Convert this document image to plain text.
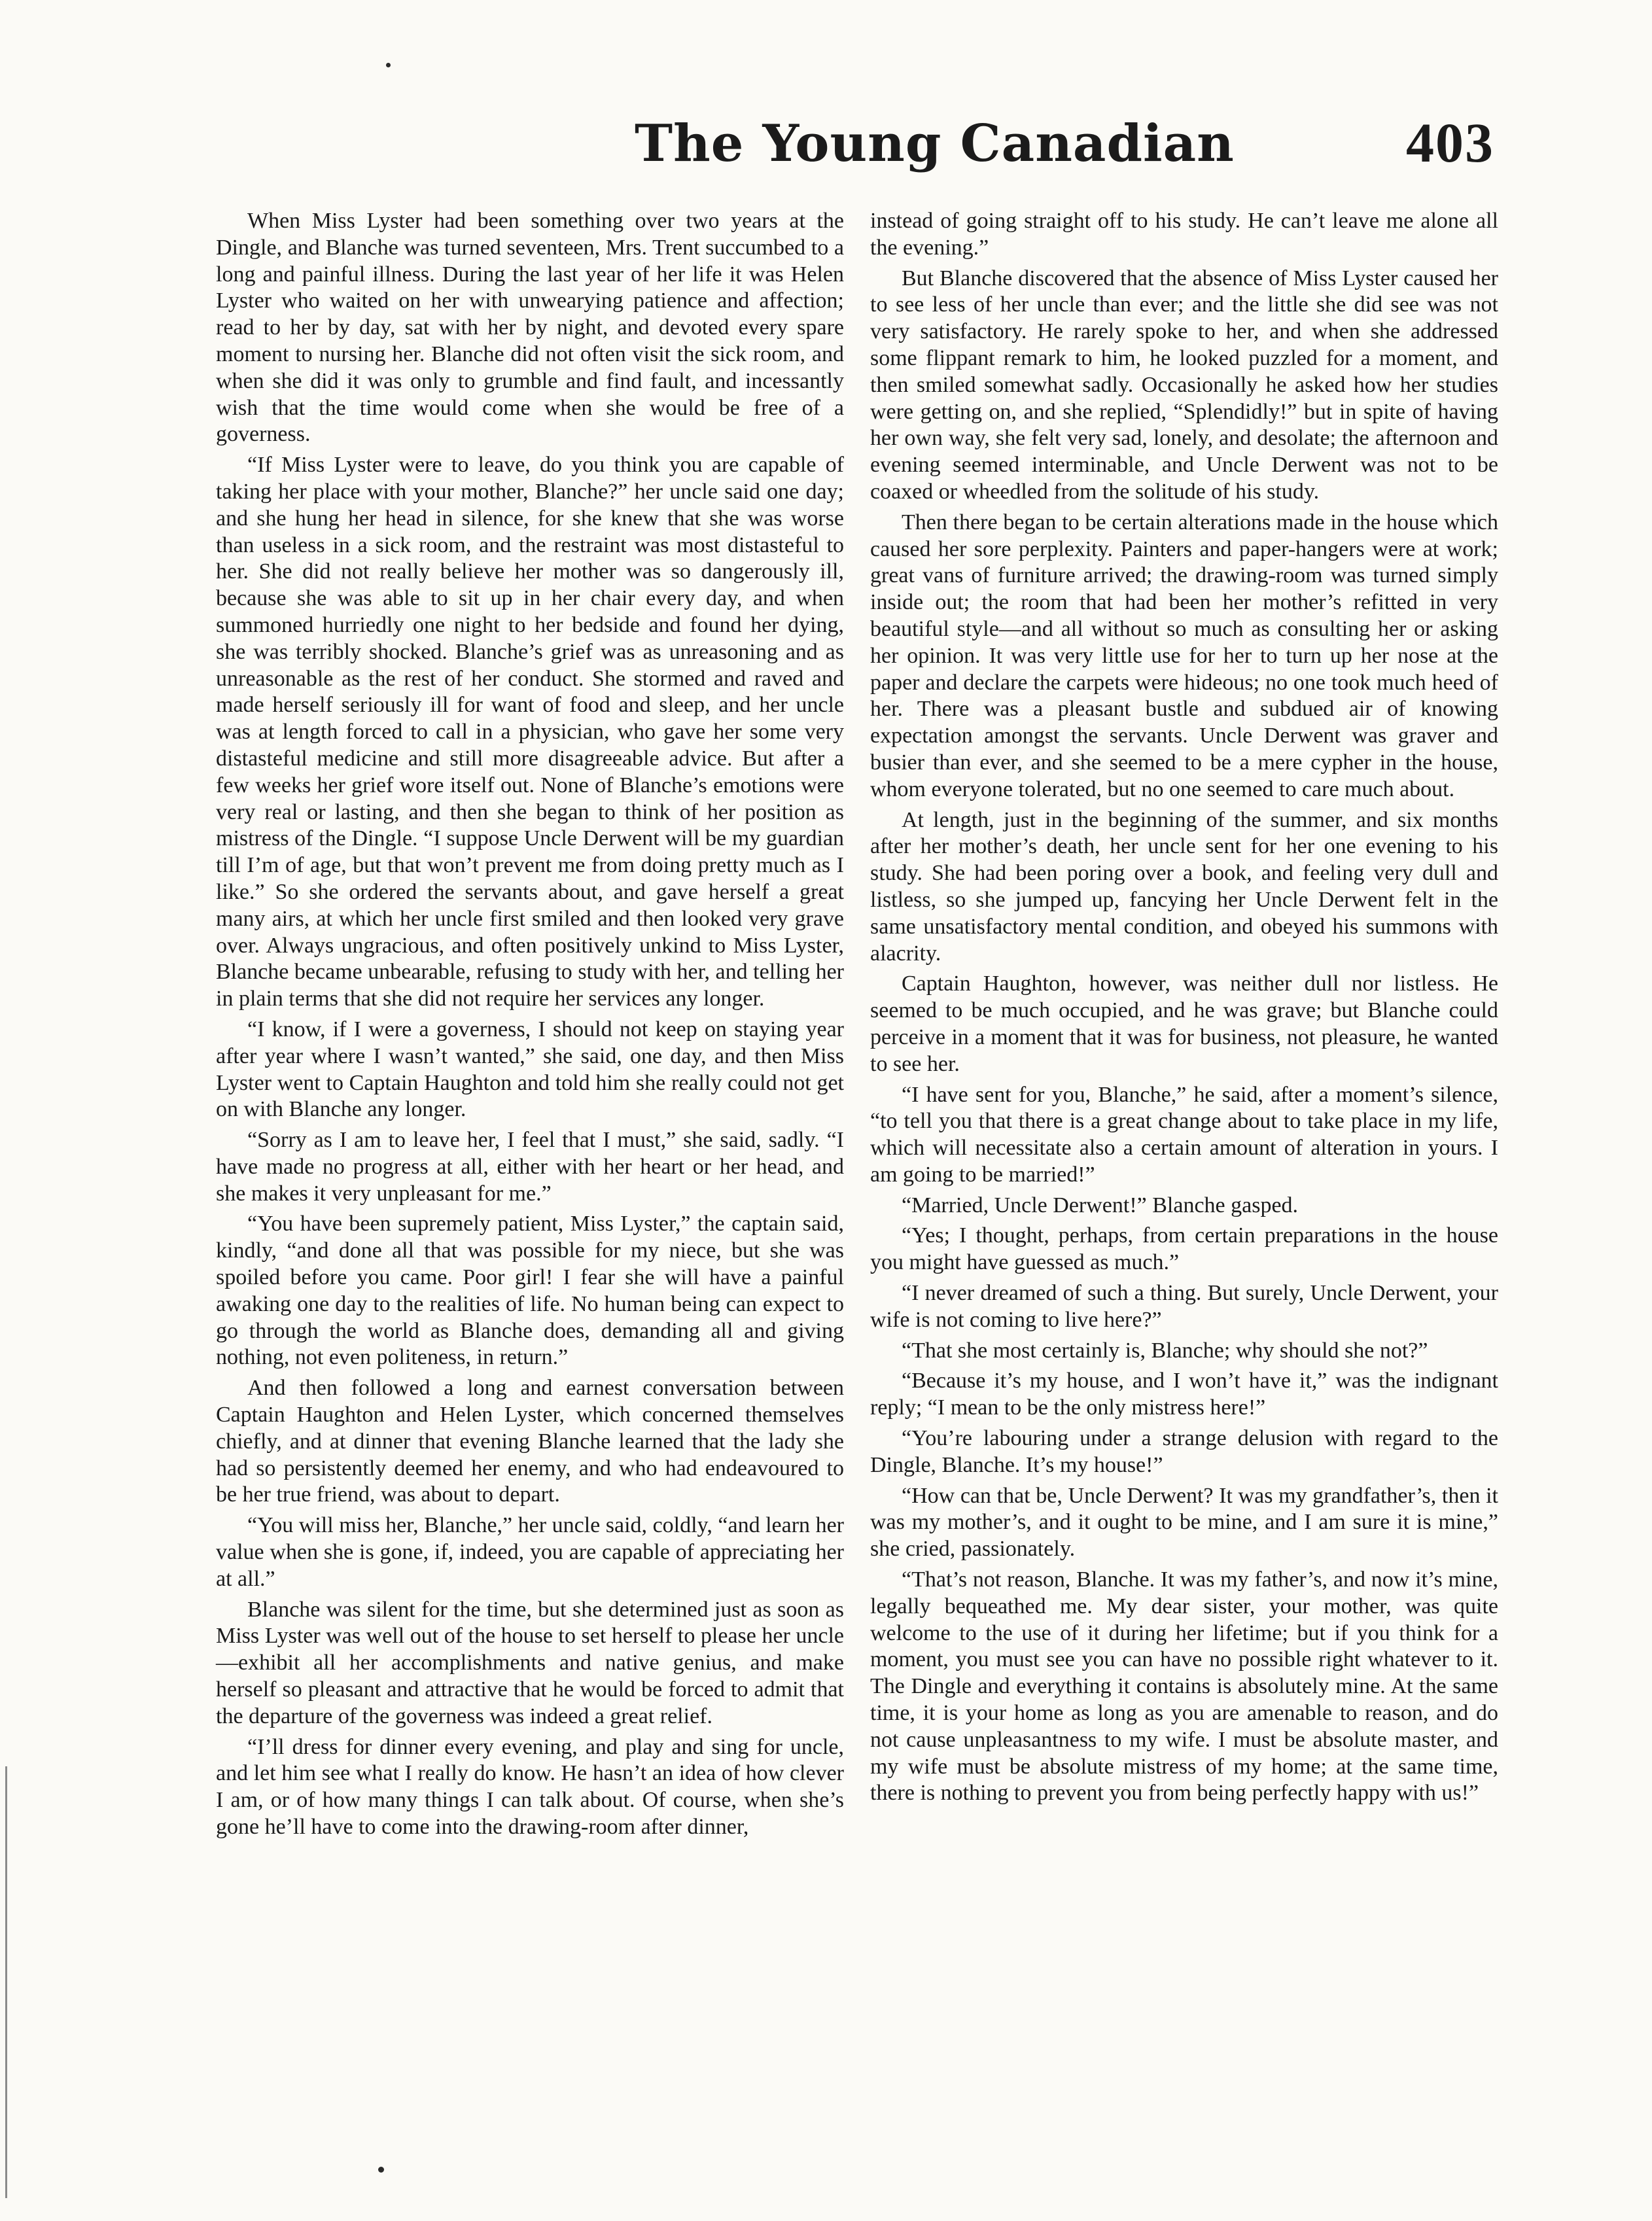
The Young Canadian	403

When Miss Lyster had been something over two years at the Dingle, and Blanche was turned seventeen, Mrs. Trent succumbed to a long and painful illness. During the last year of her life it was Helen Lyster who waited on her with unwearying patience and affection; read to her by day, sat with her by night, and devoted every spare moment to nursing her. Blanche did not often visit the sick room, and when she did it was only to grumble and find fault, and incessantly wish that the time would come when she would be free of a governess.

“If Miss Lyster were to leave, do you think you are capable of taking her place with your mother, Blanche?” her uncle said one day; and she hung her head in silence, for she knew that she was worse than useless in a sick room, and the restraint was most distasteful to her. She did not really believe her mother was so dangerously ill, because she was able to sit up in her chair every day, and when summoned hurriedly one night to her bedside and found her dying, she was terribly shocked. Blanche’s grief was as unreasoning and as unreasonable as the rest of her conduct. She stormed and raved and made herself seriously ill for want of food and sleep, and her uncle was at length forced to call in a physician, who gave her some very distasteful medicine and still more disagreeable advice. But after a few weeks her grief wore itself out. None of Blanche’s emotions were very real or lasting, and then she began to think of her position as mistress of the Dingle. “I suppose Uncle Derwent will be my guardian till I’m of age, but that won’t prevent me from doing pretty much as I like.” So she ordered the servants about, and gave herself a great many airs, at which her uncle first smiled and then looked very grave over. Always ungracious, and often positively unkind to Miss Lyster, Blanche became unbearable, refusing to study with her, and telling her in plain terms that she did not require her services any longer.

“I know, if I were a governess, I should not keep on staying year after year where I wasn’t wanted,” she said, one day, and then Miss Lyster went to Captain Haughton and told him she really could not get on with Blanche any longer.

“Sorry as I am to leave her, I feel that I must,” she said, sadly. “I have made no progress at all, either with her heart or her head, and she makes it very unpleasant for me.”

“You have been supremely patient, Miss Lyster,” the captain said, kindly, “and done all that was possible for my niece, but she was spoiled before you came. Poor girl! I fear she will have a painful awaking one day to the realities of life. No human being can expect to go through the world as Blanche does, demanding all and giving nothing, not even politeness, in return.”

And then followed a long and earnest conversation between Captain Haughton and Helen Lyster, which concerned themselves chiefly, and at dinner that evening Blanche learned that the lady she had so persistently deemed her enemy, and who had endeavoured to be her true friend, was about to depart.

“You will miss her, Blanche,” her uncle said, coldly, “and learn her value when she is gone, if, indeed, you are capable of appreciating her at all.”

Blanche was silent for the time, but she determined just as soon as Miss Lyster was well out of the house to set herself to please her uncle—exhibit all her accomplishments and native genius, and make herself so pleasant and attractive that he would be forced to admit that the departure of the governess was indeed a great relief.

“I’ll dress for dinner every evening, and play and sing for uncle, and let him see what I really do know. He hasn’t an idea of how clever I am, or of how many things I can talk about. Of course, when she’s gone he’ll have to come into the drawing-room after dinner,

instead of going straight off to his study. He can’t leave me alone all the evening.”

But Blanche discovered that the absence of Miss Lyster caused her to see less of her uncle than ever; and the little she did see was not very satisfactory. He rarely spoke to her, and when she addressed some flippant remark to him, he looked puzzled for a moment, and then smiled somewhat sadly. Occasionally he asked how her studies were getting on, and she replied, “Splendidly!” but in spite of having her own way, she felt very sad, lonely, and desolate; the afternoon and evening seemed interminable, and Uncle Derwent was not to be coaxed or wheedled from the solitude of his study.

Then there began to be certain alterations made in the house which caused her sore perplexity. Painters and paper-hangers were at work; great vans of furniture arrived; the drawing-room was turned simply inside out; the room that had been her mother’s refitted in very beautiful style—and all without so much as consulting her or asking her opinion. It was very little use for her to turn up her nose at the paper and declare the carpets were hideous; no one took much heed of her. There was a pleasant bustle and subdued air of knowing expectation amongst the servants. Uncle Derwent was graver and busier than ever, and she seemed to be a mere cypher in the house, whom everyone tolerated, but no one seemed to care much about.

At length, just in the beginning of the summer, and six months after her mother’s death, her uncle sent for her one evening to his study. She had been poring over a book, and feeling very dull and listless, so she jumped up, fancying her Uncle Derwent felt in the same unsatisfactory mental condition, and obeyed his summons with alacrity.

Captain Haughton, however, was neither dull nor listless. He seemed to be much occupied, and he was grave; but Blanche could perceive in a moment that it was for business, not pleasure, he wanted to see her.

“I have sent for you, Blanche,” he said, after a moment’s silence, “to tell you that there is a great change about to take place in my life, which will necessitate also a certain amount of alteration in yours. I am going to be married!”

“Married, Uncle Derwent!” Blanche gasped.

“Yes; I thought, perhaps, from certain preparations in the house you might have guessed as much.”

“I never dreamed of such a thing. But surely, Uncle Derwent, your wife is not coming to live here?”

“That she most certainly is, Blanche; why should she not?”

“Because it’s my house, and I won’t have it,” was the indignant reply; “I mean to be the only mistress here!”

“You’re labouring under a strange delusion with regard to the Dingle, Blanche. It’s my house!”

“How can that be, Uncle Derwent? It was my grandfather’s, then it was my mother’s, and it ought to be mine, and I am sure it is mine,” she cried, passionately.

“That’s not reason, Blanche. It was my father’s, and now it’s mine, legally bequeathed me. My dear sister, your mother, was quite welcome to the use of it during her lifetime; but if you think for a moment, you must see you can have no possible right whatever to it. The Dingle and everything it contains is absolutely mine. At the same time, it is your home as long as you are amenable to reason, and do not cause unpleasantness to my wife. I must be absolute master, and my wife must be absolute mistress of my home; at the same time, there is nothing to prevent you from being perfectly happy with us!”
